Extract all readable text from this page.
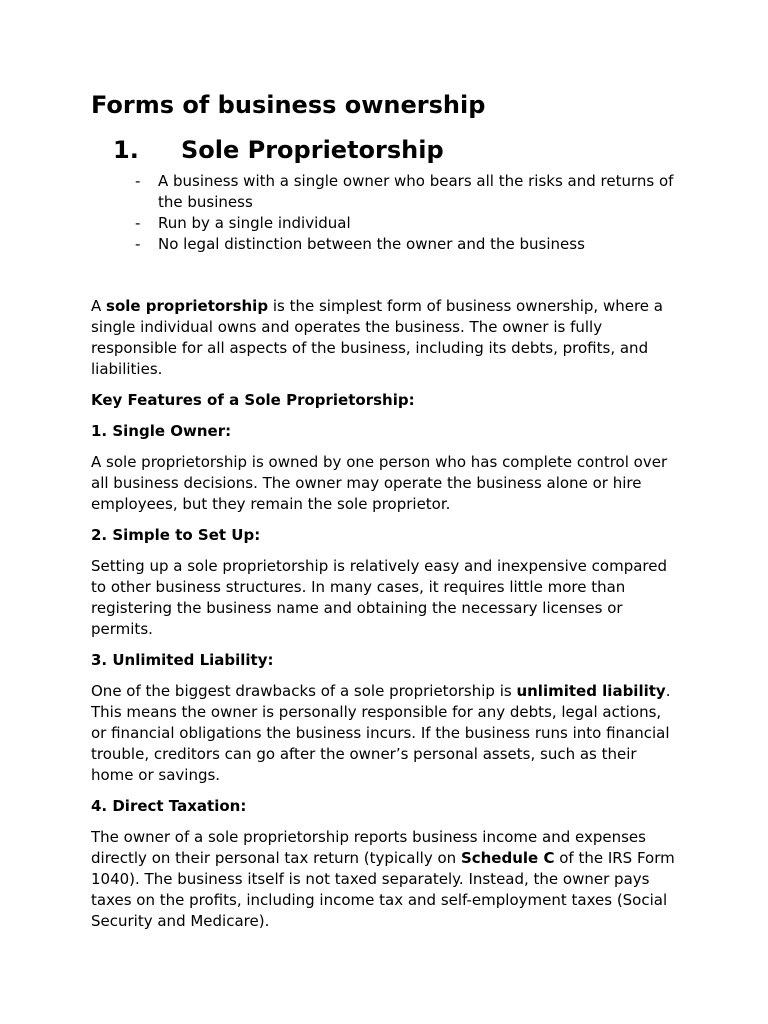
Forms of business ownership
1. Sole Proprietorship
- A business with a single owner who bears all the risks and returns of the business
- Run by a single individual
- No legal distinction between the owner and the business

A sole proprietorship is the simplest form of business ownership, where a single individual owns and operates the business. The owner is fully responsible for all aspects of the business, including its debts, profits, and liabilities.

Key Features of a Sole Proprietorship:

1. Single Owner:

A sole proprietorship is owned by one person who has complete control over all business decisions. The owner may operate the business alone or hire employees, but they remain the sole proprietor.

2. Simple to Set Up:

Setting up a sole proprietorship is relatively easy and inexpensive compared to other business structures. In many cases, it requires little more than registering the business name and obtaining the necessary licenses or permits.

3. Unlimited Liability:

One of the biggest drawbacks of a sole proprietorship is unlimited liability. This means the owner is personally responsible for any debts, legal actions, or financial obligations the business incurs. If the business runs into financial trouble, creditors can go after the owner’s personal assets, such as their home or savings.

4. Direct Taxation:

The owner of a sole proprietorship reports business income and expenses directly on their personal tax return (typically on Schedule C of the IRS Form 1040). The business itself is not taxed separately. Instead, the owner pays taxes on the profits, including income tax and self-employment taxes (Social Security and Medicare).
